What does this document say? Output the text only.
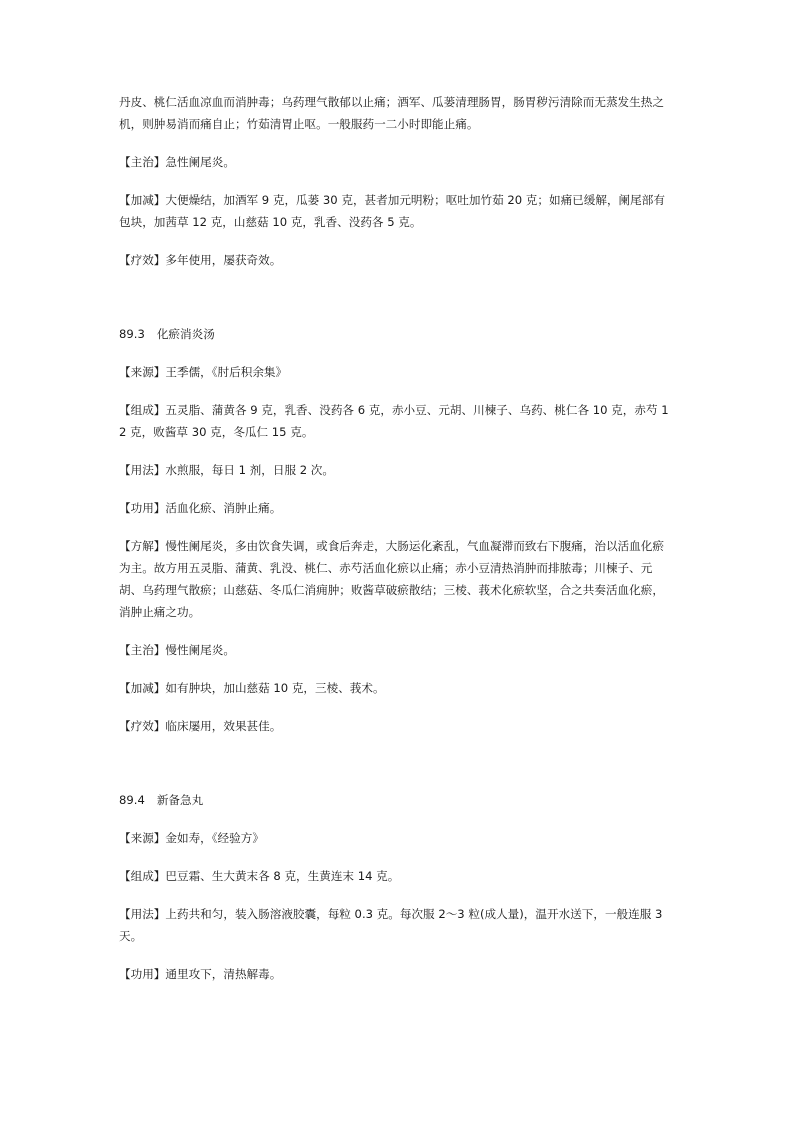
丹皮、桃仁活血凉血而消肿毒；乌药理气散郁以止痛；酒军、瓜蒌清理肠胃，肠胃秽污清除而无蒸发生热之机，则肿易消而痛自止；竹茹清胃止呕。一般服药一二小时即能止痛。

【主治】急性阑尾炎。

【加减】大便燥结，加酒军 9 克，瓜蒌 30 克，甚者加元明粉；呕吐加竹茹 20 克；如痛已缓解，阑尾部有包块，加茜草 12 克，山慈菇 10 克，乳香、没药各 5 克。

【疗效】多年使用，屡获奇效。

89.3 化瘀消炎汤

【来源】王季儒，《肘后积余集》

【组成】五灵脂、蒲黄各 9 克，乳香、没药各 6 克，赤小豆、元胡、川楝子、乌药、桃仁各 10 克，赤芍 12 克，败酱草 30 克，冬瓜仁 15 克。

【用法】水煎服，每日 1 剂，日服 2 次。

【功用】活血化瘀、消肿止痛。

【方解】慢性阑尾炎，多由饮食失调，或食后奔走，大肠运化紊乱，气血凝滞而致右下腹痛，治以活血化瘀为主。故方用五灵脂、蒲黄、乳没、桃仁、赤芍活血化瘀以止痛；赤小豆清热消肿而排脓毒；川楝子、元胡、乌药理气散瘀；山慈菇、冬瓜仁消痈肿；败酱草破瘀散结；三棱、莪术化瘀软坚，合之共奏活血化瘀，消肿止痛之功。

【主治】慢性阑尾炎。

【加减】如有肿块，加山慈菇 10 克，三棱、莪术。

【疗效】临床屡用，效果甚佳。

89.4 新备急丸

【来源】金如寿，《经验方》

【组成】巴豆霜、生大黄末各 8 克，生黄连末 14 克。

【用法】上药共和匀，装入肠溶液胶囊，每粒 0.3 克。每次服 2～3 粒(成人量)，温开水送下，一般连服 3 天。

【功用】通里攻下，清热解毒。
